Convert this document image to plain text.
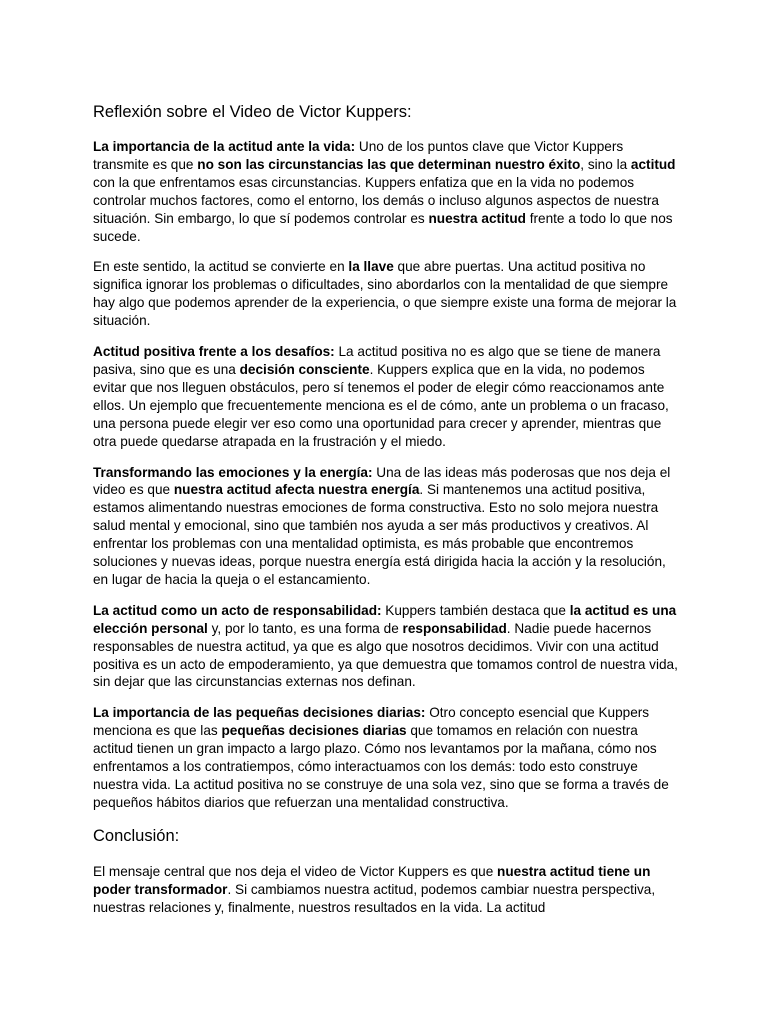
Reflexión sobre el Video de Victor Kuppers:

La importancia de la actitud ante la vida: Uno de los puntos clave que Victor Kuppers transmite es que no son las circunstancias las que determinan nuestro éxito, sino la actitud con la que enfrentamos esas circunstancias. Kuppers enfatiza que en la vida no podemos controlar muchos factores, como el entorno, los demás o incluso algunos aspectos de nuestra situación. Sin embargo, lo que sí podemos controlar es nuestra actitud frente a todo lo que nos sucede.

En este sentido, la actitud se convierte en la llave que abre puertas. Una actitud positiva no significa ignorar los problemas o dificultades, sino abordarlos con la mentalidad de que siempre hay algo que podemos aprender de la experiencia, o que siempre existe una forma de mejorar la situación.

Actitud positiva frente a los desafíos: La actitud positiva no es algo que se tiene de manera pasiva, sino que es una decisión consciente. Kuppers explica que en la vida, no podemos evitar que nos lleguen obstáculos, pero sí tenemos el poder de elegir cómo reaccionamos ante ellos. Un ejemplo que frecuentemente menciona es el de cómo, ante un problema o un fracaso, una persona puede elegir ver eso como una oportunidad para crecer y aprender, mientras que otra puede quedarse atrapada en la frustración y el miedo.

Transformando las emociones y la energía: Una de las ideas más poderosas que nos deja el video es que nuestra actitud afecta nuestra energía. Si mantenemos una actitud positiva, estamos alimentando nuestras emociones de forma constructiva. Esto no solo mejora nuestra salud mental y emocional, sino que también nos ayuda a ser más productivos y creativos. Al enfrentar los problemas con una mentalidad optimista, es más probable que encontremos soluciones y nuevas ideas, porque nuestra energía está dirigida hacia la acción y la resolución, en lugar de hacia la queja o el estancamiento.

La actitud como un acto de responsabilidad: Kuppers también destaca que la actitud es una elección personal y, por lo tanto, es una forma de responsabilidad. Nadie puede hacernos responsables de nuestra actitud, ya que es algo que nosotros decidimos. Vivir con una actitud positiva es un acto de empoderamiento, ya que demuestra que tomamos control de nuestra vida, sin dejar que las circunstancias externas nos definan.

La importancia de las pequeñas decisiones diarias: Otro concepto esencial que Kuppers menciona es que las pequeñas decisiones diarias que tomamos en relación con nuestra actitud tienen un gran impacto a largo plazo. Cómo nos levantamos por la mañana, cómo nos enfrentamos a los contratiempos, cómo interactuamos con los demás: todo esto construye nuestra vida. La actitud positiva no se construye de una sola vez, sino que se forma a través de pequeños hábitos diarios que refuerzan una mentalidad constructiva.

Conclusión:

El mensaje central que nos deja el video de Victor Kuppers es que nuestra actitud tiene un poder transformador. Si cambiamos nuestra actitud, podemos cambiar nuestra perspectiva, nuestras relaciones y, finalmente, nuestros resultados en la vida. La actitud
